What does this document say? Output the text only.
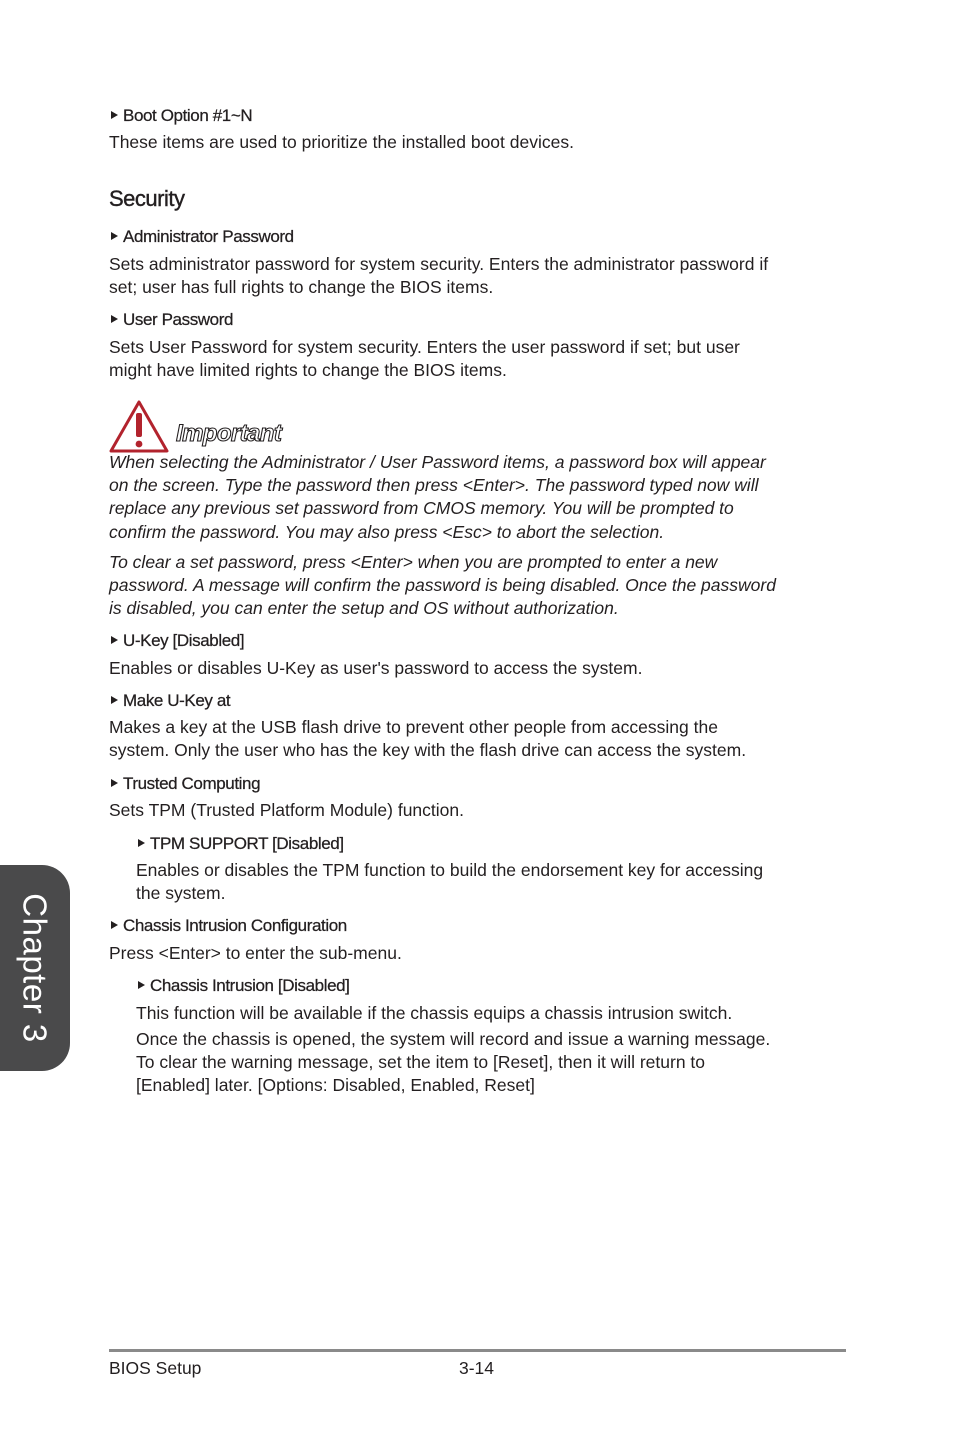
Boot Option #1~N

These items are used to prioritize the installed boot devices.

Security
Administrator Password

Sets administrator password for system security. Enters the administrator password if

set; user has full rights to change the BIOS items.

User Password

Sets User Password for system security. Enters the user password if set; but user

might have limited rights to change the BIOS items.

Important

When selecting the Administrator / User Password items, a password box will appear

on the screen. Type the password then press <Enter>. The password typed now will

replace any previous set password from CMOS memory. You will be prompted to

confirm the password. You may also press <Esc> to abort the selection.

To clear a set password, press <Enter> when you are prompted to enter a new

password. A message will confirm the password is being disabled. Once the password

is disabled, you can enter the setup and OS without authorization.

U-Key [Disabled]

Enables or disables U-Key as user's password to access the system.

Make U-Key at

Makes a key at the USB flash drive to prevent other people from accessing the

system. Only the user who has the key with the flash drive can access the system.

Trusted Computing

Sets TPM (Trusted Platform Module) function.

TPM SUPPORT [Disabled]

Enables or disables the TPM function to build the endorsement key for accessing

the system.

Chassis Intrusion Configuration

Press <Enter> to enter the sub-menu.

Chassis Intrusion [Disabled]

This function will be available if the chassis equips a chassis intrusion switch.

Once the chassis is opened, the system will record and issue a warning message.

To clear the warning message, set the item to [Reset], then it will return to

[Enabled] later. [Options: Disabled, Enabled, Reset]

Chapter 3
BIOS Setup	3-14
